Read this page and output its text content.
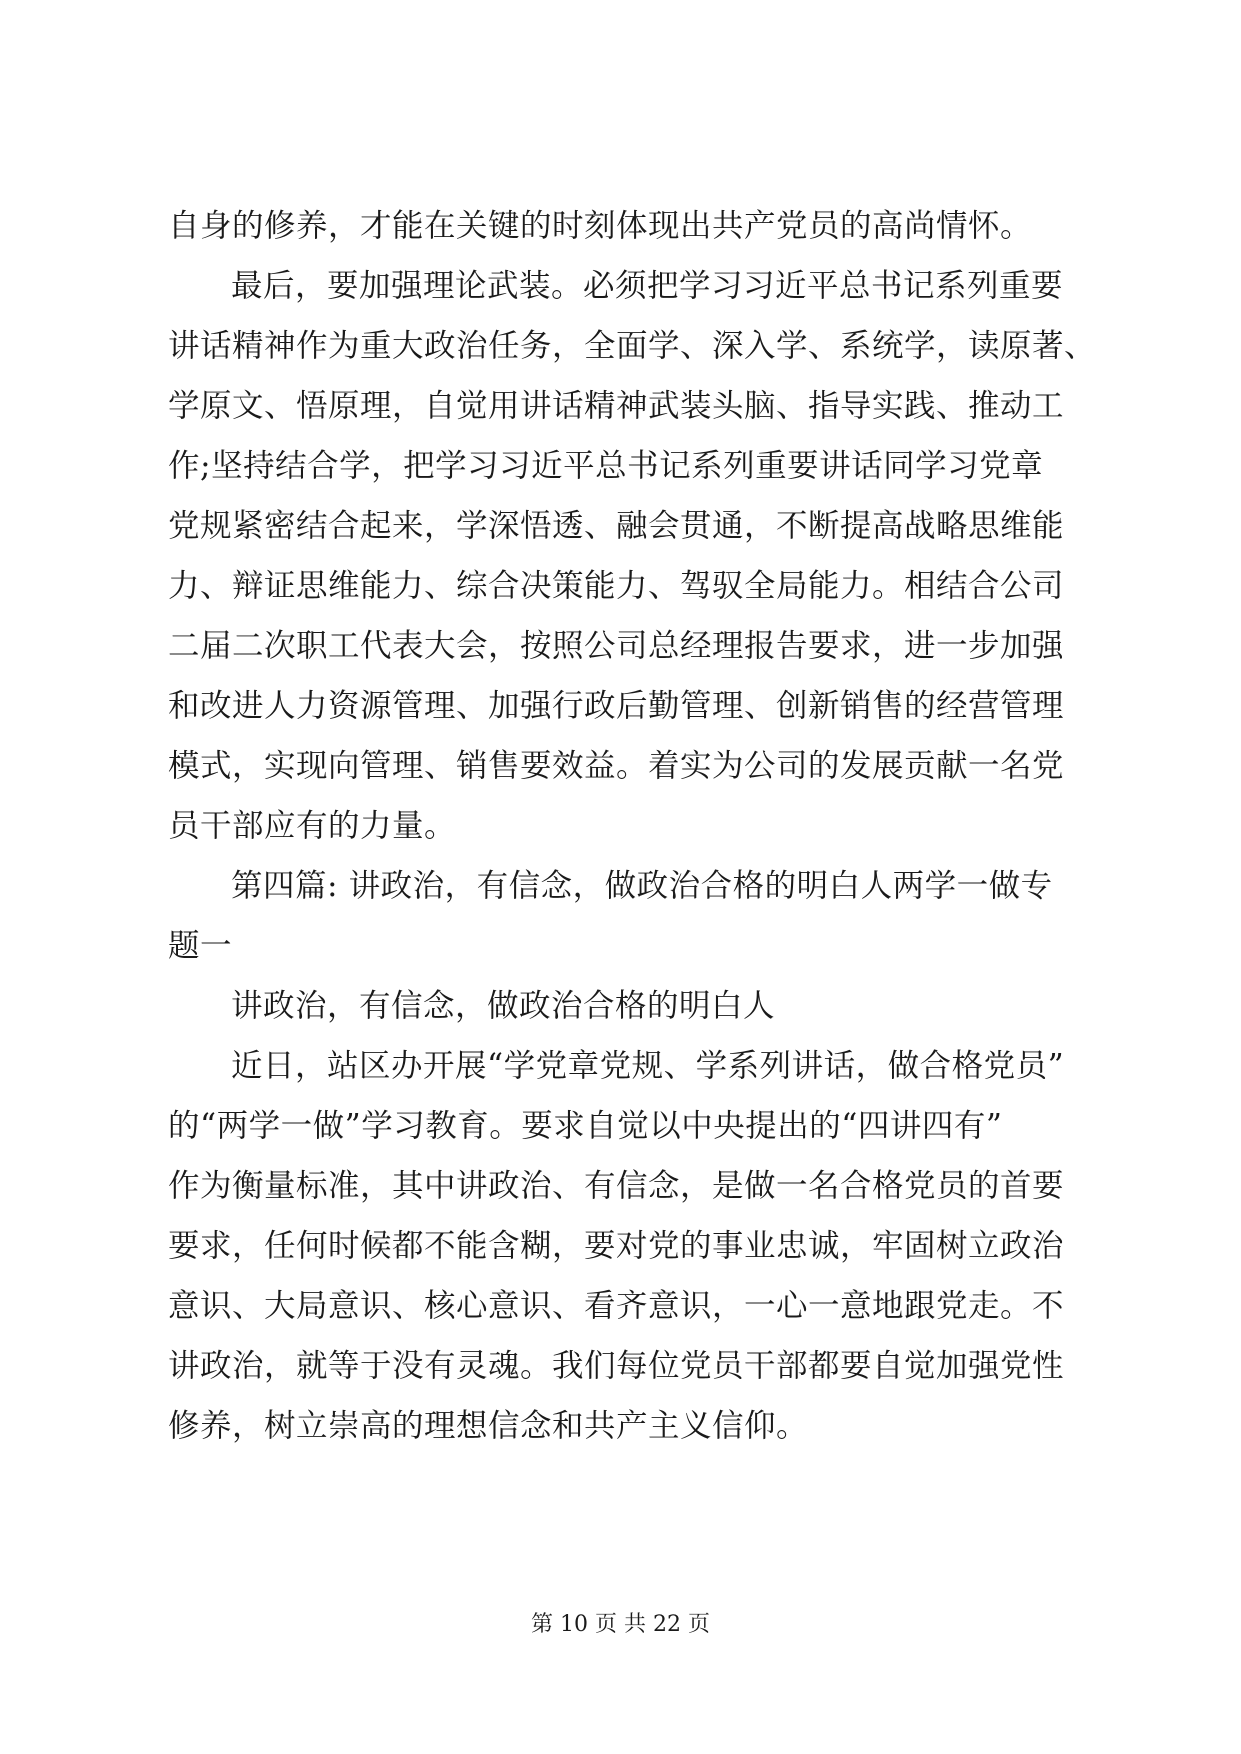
自身的修养，才能在关键的时刻体现出共产党员的高尚情怀。
最后，要加强理论武装。必须把学习习近平总书记系列重要
讲话精神作为重大政治任务，全面学、深入学、系统学，读原著、
学原文、悟原理，自觉用讲话精神武装头脑、指导实践、推动工
作;坚持结合学，把学习习近平总书记系列重要讲话同学习党章
党规紧密结合起来，学深悟透、融会贯通，不断提高战略思维能
力、辩证思维能力、综合决策能力、驾驭全局能力。相结合公司
二届二次职工代表大会，按照公司总经理报告要求，进一步加强
和改进人力资源管理、加强行政后勤管理、创新销售的经营管理
模式，实现向管理、销售要效益。着实为公司的发展贡献一名党
员干部应有的力量。
第四篇: 讲政治，有信念，做政治合格的明白人两学一做专
题一
讲政治，有信念，做政治合格的明白人
近日，站区办开展“学党章党规、学系列讲话，做合格党员”
的“两学一做”学习教育。要求自觉以中央提出的“四讲四有”
作为衡量标准，其中讲政治、有信念，是做一名合格党员的首要
要求，任何时候都不能含糊，要对党的事业忠诚，牢固树立政治
意识、大局意识、核心意识、看齐意识，一心一意地跟党走。不
讲政治，就等于没有灵魂。我们每位党员干部都要自觉加强党性
修养，树立崇高的理想信念和共产主义信仰。
第 10 页 共 22 页
